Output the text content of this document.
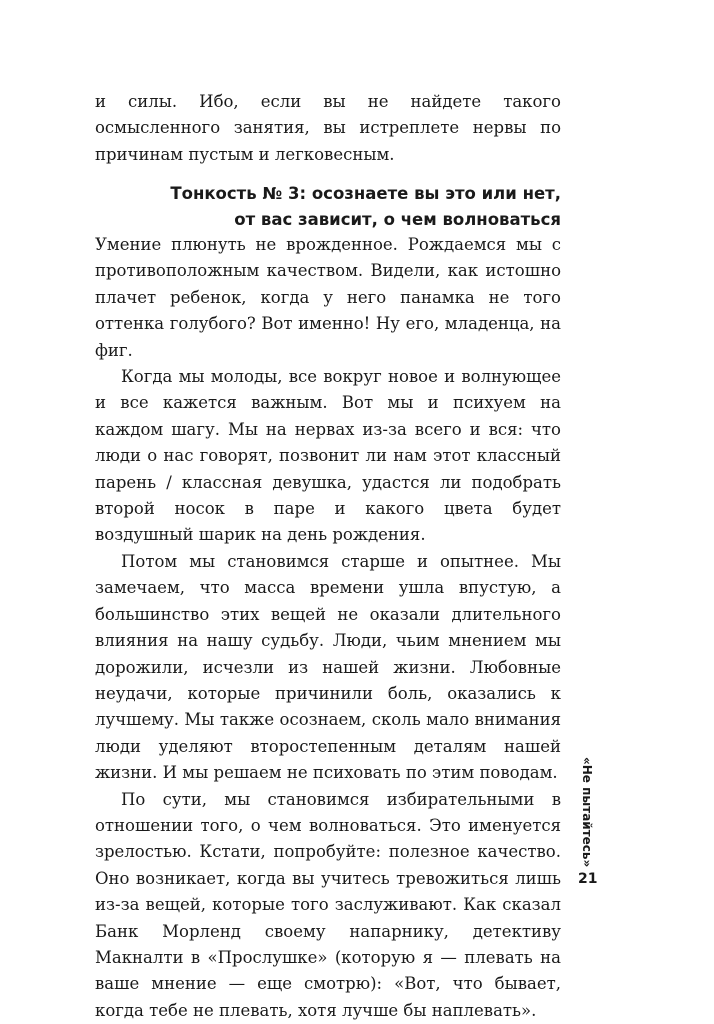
и силы. Ибо, если вы не найдете такого осмысленного занятия, вы истреплете нервы по причинам пустым и легковесным.

Тонкость № 3: осознаете вы это или нет,
от вас зависит, о чем волноваться

Умение плюнуть не врожденное. Рождаемся мы с противоположным качеством. Видели, как истошно плачет ребенок, когда у него панамка не того оттенка голубого? Вот именно! Ну его, младенца, на фиг.

Когда мы молоды, все вокруг новое и волнующее и все кажется важным. Вот мы и психуем на каждом шагу. Мы на нервах из-за всего и вся: что люди о нас говорят, позвонит ли нам этот классный парень / классная девушка, удастся ли подобрать второй носок в паре и какого цвета будет воздушный шарик на день рождения.

Потом мы становимся старше и опытнее. Мы замечаем, что масса времени ушла впустую, а большинство этих вещей не оказали длительного влияния на нашу судьбу. Люди, чьим мнением мы дорожили, исчезли из нашей жизни. Любовные неудачи, которые причинили боль, оказались к лучшему. Мы также осознаем, сколь мало внимания люди уделяют второстепенным деталям нашей жизни. И мы решаем не психовать по этим поводам.

По сути, мы становимся избирательными в отношении того, о чем волноваться. Это именуется зрелостью. Кстати, попробуйте: полезное качество. Оно возникает, когда вы учитесь тревожиться лишь из-за вещей, которые того заслуживают. Как сказал Банк Морленд своему напарнику, детективу Макналти в «Прослушке» (которую я — плевать на ваше мнение — еще смотрю): «Вот, что бывает, когда тебе не плевать, хотя лучше бы наплевать».

«Не пытайтесь»
21
